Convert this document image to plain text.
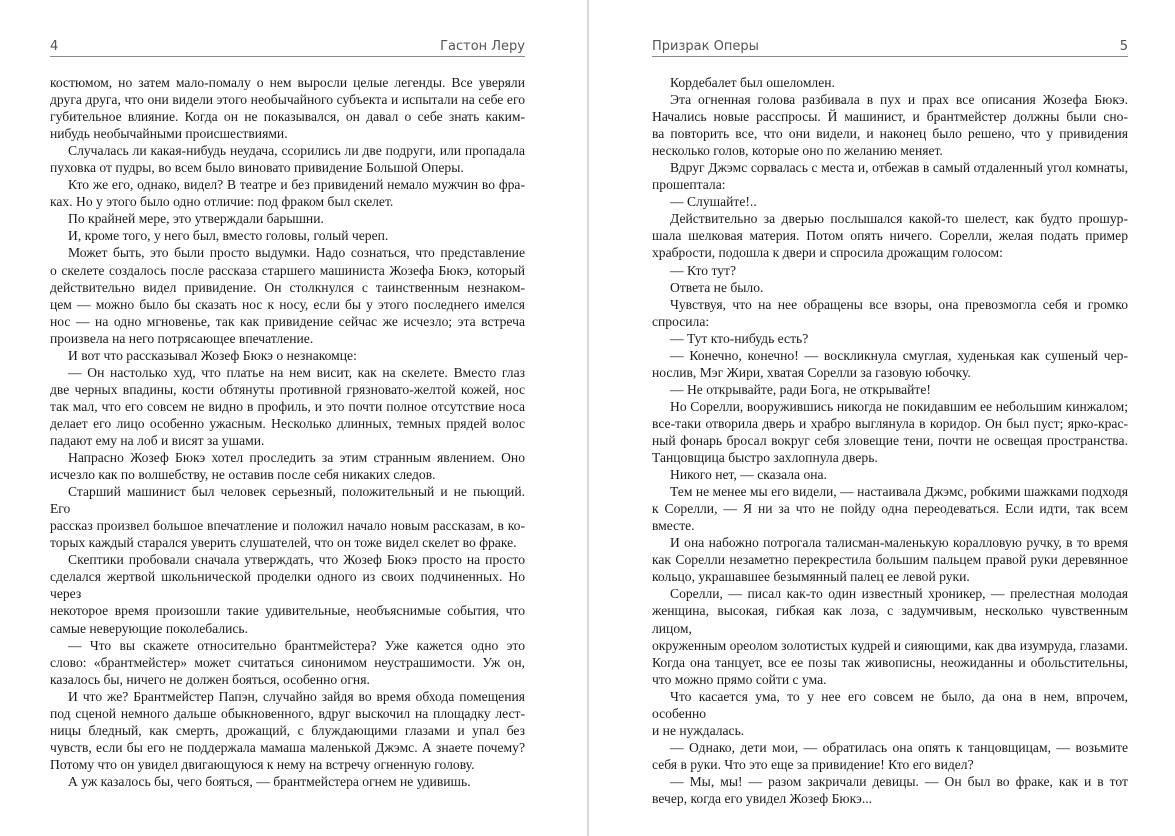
4	Гастон Леру

костюмом, но затем мало-помалу о нем выросли целые легенды. Все уверяли

друга друга, что они видели этого необычайного субъекта и испытали на себе его

губительное влияние. Когда он не показывался, он давал о себе знать каким-

нибудь необычайными происшествиями.

Случалась ли какая-нибудь неудача, ссорились ли две подруги, или пропадала

пуховка от пудры, во всем было виновато привидение Большой Оперы.

Кто же его, однако, видел? В театре и без привидений немало мужчин во фра-

ках. Но у этого было одно отличие: под фраком был скелет.

По крайней мере, это утверждали барышни.

И, кроме того, у него был, вместо головы, голый череп.

Может быть, это были просто выдумки. Надо сознаться, что представление

о скелете создалось после рассказа старшего машиниста Жозефа Бюкэ, который

действительно видел привидение. Он столкнулся с таинственным незнаком-

цем — можно было бы сказать нос к носу, если бы у этого последнего имелся

нос — на одно мгновенье, так как привидение сейчас же исчезло; эта встреча

произвела на него потрясающее впечатление.

И вот что рассказывал Жозеф Бюкэ о незнакомце:

— Он настолько худ, что платье на нем висит, как на скелете. Вместо глаз

две черных впадины, кости обтянуты противной грязновато-желтой кожей, нос

так мал, что его совсем не видно в профиль, и это почти полное отсутствие носа

делает его лицо особенно ужасным. Несколько длинных, темных прядей волос

падают ему на лоб и висят за ушами.

Напрасно Жозеф Бюкэ хотел проследить за этим странным явлением. Оно

исчезло как по волшебству, не оставив после себя никаких следов.

Старший машинист был человек серьезный, положительный и не пьющий. Его

рассказ произвел большое впечатление и положил начало новым рассказам, в ко-

торых каждый старался уверить слушателей, что он тоже видел скелет во фраке.

Скептики пробовали сначала утверждать, что Жозеф Бюкэ просто на просто

сделался жертвой школьнической проделки одного из своих подчиненных. Но через

некоторое время произошли такие удивительные, необъяснимые события, что

самые неверующие поколебались.

— Что вы скажете относительно брантмейстера? Уже кажется одно это

слово: «брантмейстер» может считаться синонимом неустрашимости. Уж он,

казалось бы, ничего не должен бояться, особенно огня.

И что же? Брантмейстер Папэн, случайно зайдя во время обхода помещения

под сценой немного дальше обыкновенного, вдруг выскочил на площадку лест-

ницы бледный, как смерть, дрожащий, с блуждающими глазами и упал без

чувств, если бы его не поддержала мамаша маленькой Джэмс. А знаете почему?

Потому что он увидел двигающуюся к нему на встречу огненную голову.

А уж казалось бы, чего бояться, — брантмейстера огнем не удивишь.

Призрак Оперы	5

Кордебалет был ошеломлен.

Эта огненная голова разбивала в пух и прах все описания Жозефа Бюкэ.

Начались новые расспросы. Й машинист, и брантмейстер должны были сно-

ва повторить все, что они видели, и наконец было решено, что у привидения

несколько голов, которые оно по желанию меняет.

Вдруг Джэмс сорвалась с места и, отбежав в самый отдаленный угол комнаты,

прошептала:

— Слушайте!..

Действительно за дверью послышался какой-то шелест, как будто прошур-

шала шелковая материя. Потом опять ничего. Сорелли, желая подать пример

храбрости, подошла к двери и спросила дрожащим голосом:

— Кто тут?

Ответа не было.

Чувствуя, что на нее обращены все взоры, она превозмогла себя и громко

спросила:

— Тут кто-нибудь есть?

— Конечно, конечно! — воскликнула смуглая, худенькая как сушеный чер-

нослив, Мэг Жири, хватая Сорелли за газовую юбочку.

— Не открывайте, ради Бога, не открывайте!

Но Сорелли, вооружившись никогда не покидавшим ее небольшим кинжалом;

все-таки отворила дверь и храбро выглянула в коридор. Он был пуст; ярко-крас-

ный фонарь бросал вокруг себя зловещие тени, почти не освещая пространства.

Танцовщица быстро захлопнула дверь.

Никого нет, — сказала она.

Тем не менее мы его видели, — настаивала Джэмс, робкими шажками подходя

к Сорелли, — Я ни за что не пойду одна переодеваться. Если идти, так всем вместе.

И она набожно потрогала талисман-маленькую коралловую ручку, в то время

как Сорелли незаметно перекрестила большим пальцем правой руки деревянное

кольцо, украшавшее безымянный палец ее левой руки.

Сорелли, — писал как-то один известный хроникер, — прелестная молодая

женщина, высокая, гибкая как лоза, с задумчивым, несколько чувственным лицом,

окруженным ореолом золотистых кудрей и сияющими, как два изумруда, глазами.

Когда она танцует, все ее позы так живописны, неожиданны и обольстительны,

что можно прямо сойти с ума.

Что касается ума, то у нее его совсем не было, да она в нем, впрочем, особенно

и не нуждалась.

— Однако, дети мои, — обратилась она опять к танцовщицам, — возьмите

себя в руки. Что это еще за привидение! Кто его видел?

— Мы, мы! — разом закричали девицы. — Он был во фраке, как и в тот

вечер, когда его увидел Жозеф Бюкэ...
